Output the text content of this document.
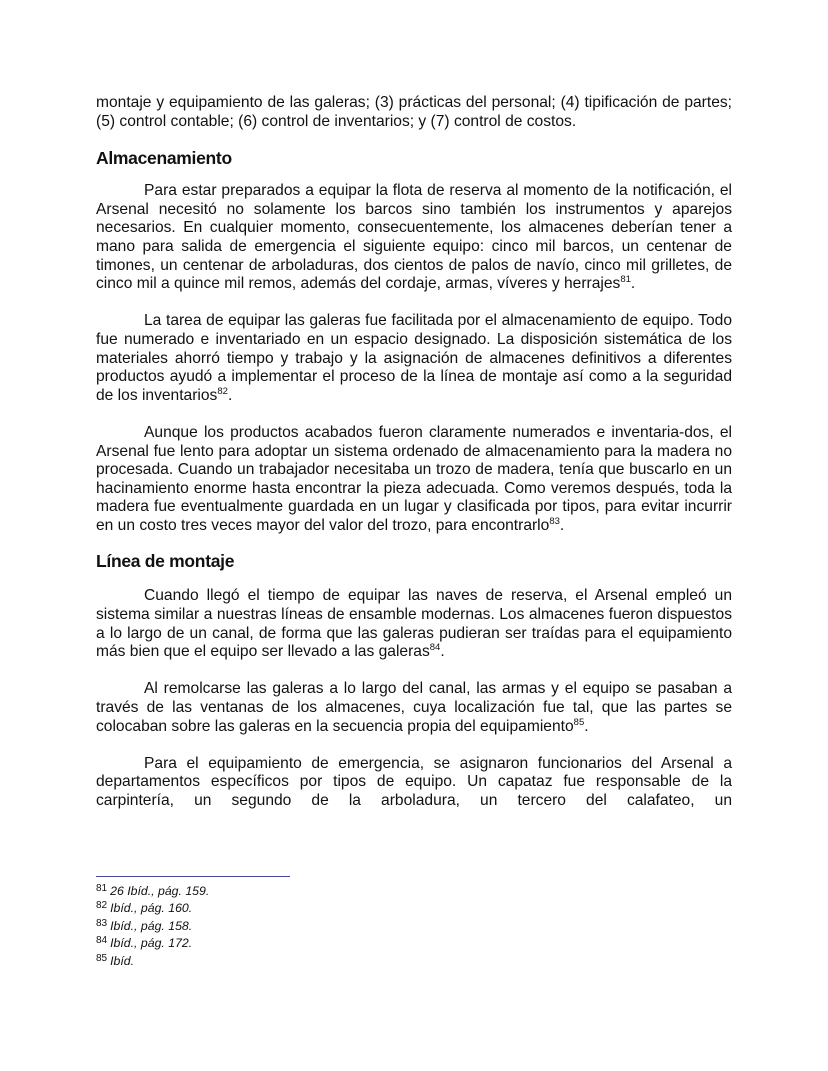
montaje y equipamiento de las galeras; (3) prácticas del personal; (4) tipificación de partes; (5) control contable; (6) control de inventarios; y (7) control de costos.

Almacenamiento

Para estar preparados a equipar la flota de reserva al momento de la notificación, el Arsenal necesitó no solamente los barcos sino también los instrumentos y aparejos necesarios. En cualquier momento, consecuentemente, los almacenes deberían tener a mano para salida de emergencia el siguiente equipo: cinco mil barcos, un centenar de timones, un centenar de arboladuras, dos cientos de palos de navío, cinco mil grilletes, de cinco mil a quince mil remos, además del cordaje, armas, víveres y herrajes$^{81}$.

La tarea de equipar las galeras fue facilitada por el almacenamiento de equipo. Todo fue numerado e inventariado en un espacio designado. La disposición sistemática de los materiales ahorró tiempo y trabajo y la asignación de almacenes definitivos a diferentes productos ayudó a implementar el proceso de la línea de montaje así como a la seguridad de los inventarios$^{82}$.

Aunque los productos acabados fueron claramente numerados e inventaria-dos, el Arsenal fue lento para adoptar un sistema ordenado de almacenamiento para la madera no procesada. Cuando un trabajador necesitaba un trozo de madera, tenía que buscarlo en un hacinamiento enorme hasta encontrar la pieza adecuada. Como veremos después, toda la madera fue eventualmente guardada en un lugar y clasificada por tipos, para evitar incurrir en un costo tres veces mayor del valor del trozo, para encontrarlo$^{83}$.

Línea de montaje

Cuando llegó el tiempo de equipar las naves de reserva, el Arsenal empleó un sistema similar a nuestras líneas de ensamble modernas. Los almacenes fueron dispuestos a lo largo de un canal, de forma que las galeras pudieran ser traídas para el equipamiento más bien que el equipo ser llevado a las galeras$^{84}$.

Al remolcarse las galeras a lo largo del canal, las armas y el equipo se pasaban a través de las ventanas de los almacenes, cuya localización fue tal, que las partes se colocaban sobre las galeras en la secuencia propia del equipamiento$^{85}$.

Para el equipamiento de emergencia, se asignaron funcionarios del Arsenal a departamentos específicos por tipos de equipo. Un capataz fue responsable de la carpintería, un segundo de la arboladura, un tercero del calafateo, un

$^{81}$ 26 Ibíd., pág. 159.
$^{82}$ Ibíd., pág. 160.
$^{83}$ Ibíd., pág. 158.
$^{84}$ Ibíd., pág. 172.
$^{85}$ Ibíd.
